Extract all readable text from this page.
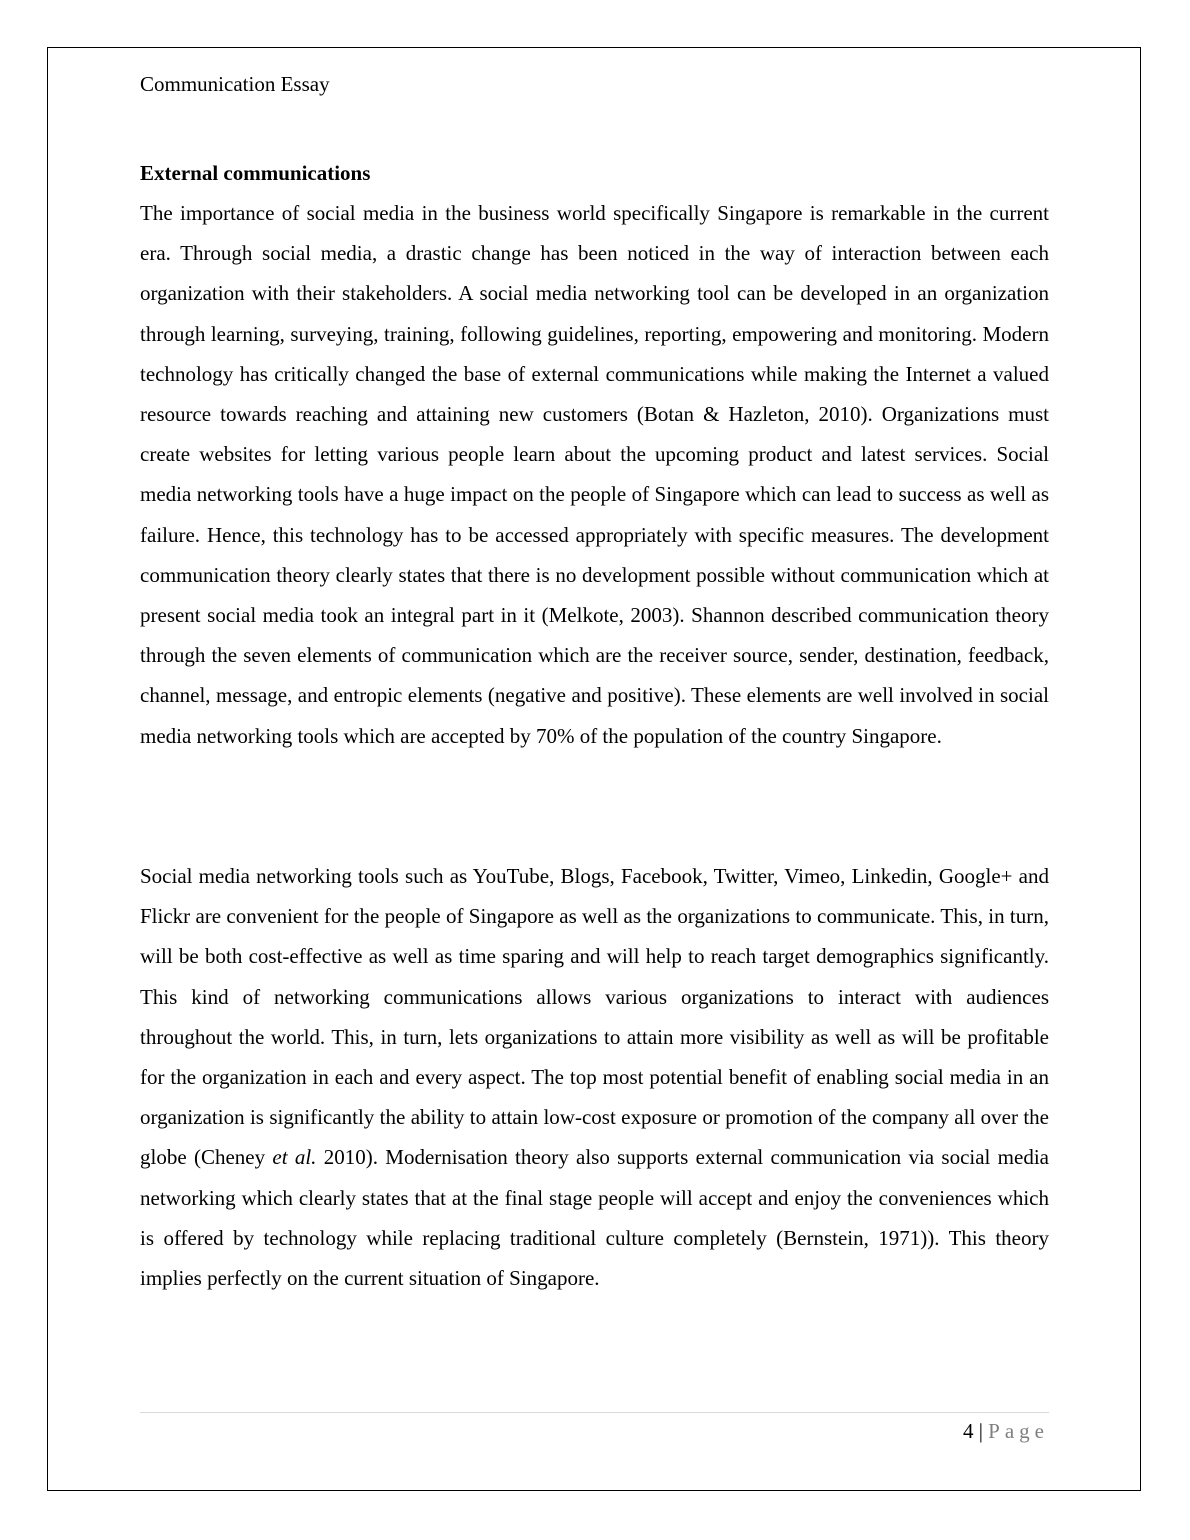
Communication Essay
External communications

The importance of social media in the business world specifically Singapore is remarkable in the current era. Through social media, a drastic change has been noticed in the way of interaction between each organization with their stakeholders. A social media networking tool can be developed in an organization through learning, surveying, training, following guidelines, reporting, empowering and monitoring. Modern technology has critically changed the base of external communications while making the Internet a valued resource towards reaching and attaining new customers (Botan & Hazleton, 2010). Organizations must create websites for letting various people learn about the upcoming product and latest services. Social media networking tools have a huge impact on the people of Singapore which can lead to success as well as failure. Hence, this technology has to be accessed appropriately with specific measures. The development communication theory clearly states that there is no development possible without communication which at present social media took an integral part in it (Melkote, 2003). Shannon described communication theory through the seven elements of communication which are the receiver source, sender, destination, feedback, channel, message, and entropic elements (negative and positive). These elements are well involved in social media networking tools which are accepted by 70% of the population of the country Singapore.

Social media networking tools such as YouTube, Blogs, Facebook, Twitter, Vimeo, Linkedin, Google+ and Flickr are convenient for the people of Singapore as well as the organizations to communicate. This, in turn, will be both cost-effective as well as time sparing and will help to reach target demographics significantly. This kind of networking communications allows various organizations to interact with audiences throughout the world. This, in turn, lets organizations to attain more visibility as well as will be profitable for the organization in each and every aspect. The top most potential benefit of enabling social media in an organization is significantly the ability to attain low-cost exposure or promotion of the company all over the globe (Cheney et al. 2010). Modernisation theory also supports external communication via social media networking which clearly states that at the final stage people will accept and enjoy the conveniences which is offered by technology while replacing traditional culture completely (Bernstein, 1971)). This theory implies perfectly on the current situation of Singapore.

4 | Page
